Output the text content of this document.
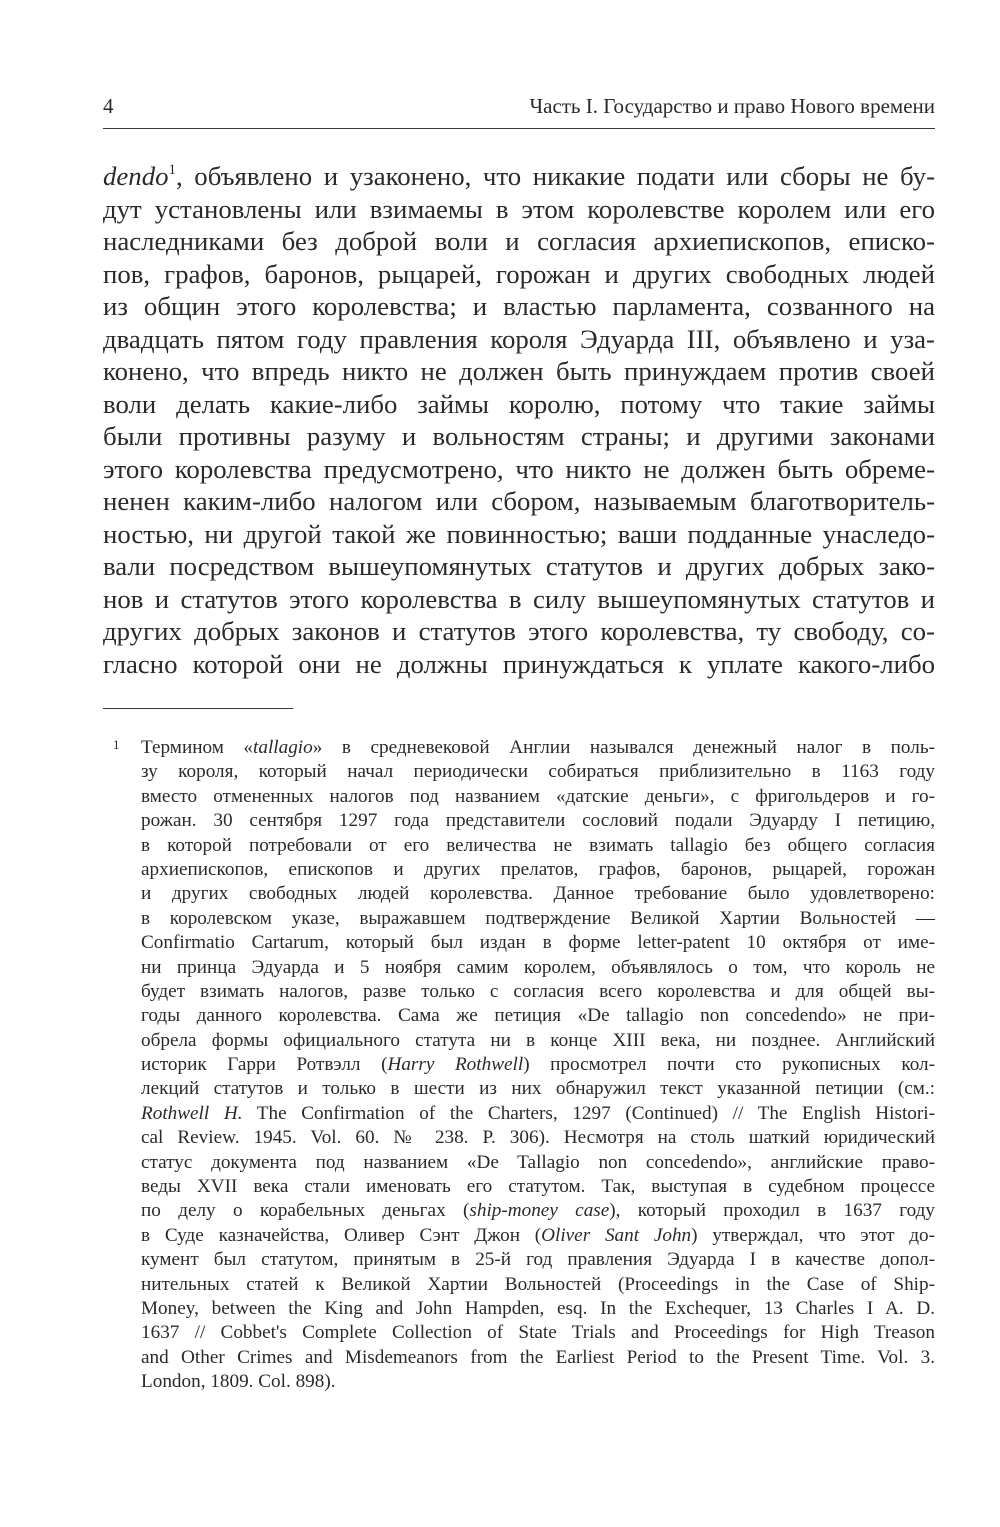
4	Часть I. Государство и право Нового времени
dendo$^1$, объявлено и узаконено, что никакие подати или сборы не бу-
дут установлены или взимаемы в этом королевстве королем или его
наследниками без доброй воли и согласия архиепископов, еписко-
пов, графов, баронов, рыцарей, горожан и других свободных людей
из общин этого королевства; и властью парламента, созванного на
двадцать пятом году правления короля Эдуарда III, объявлено и уза-
конено, что впредь никто не должен быть принуждаем против своей
воли делать какие-либо займы королю, потому что такие займы
были противны разуму и вольностям страны; и другими законами
этого королевства предусмотрено, что никто не должен быть обреме-
ненен каким-либо налогом или сбором, называемым благотворитель-
ностью, ни другой такой же повинностью; ваши подданные унаследо-
вали посредством вышеупомянутых статутов и других добрых зако-
нов и статутов этого королевства в силу вышеупомянутых статутов и
других добрых законов и статутов этого королевства, ту свободу, со-
гласно которой они не должны принуждаться к уплате какого-либо
1 Термином «tallagio» в средневековой Англии назывался денежный налог в поль-
зу короля, который начал периодически собираться приблизительно в 1163 году
вместо отмененных налогов под названием «датские деньги», с фригольдеров и го-
рожан. 30 сентября 1297 года представители сословий подали Эдуарду I петицию,
в которой потребовали от его величества не взимать tallagio без общего согласия
архиепископов, епископов и других прелатов, графов, баронов, рыцарей, горожан
и других свободных людей королевства. Данное требование было удовлетворено:
в королевском указе, выражавшем подтверждение Великой Хартии Вольностей —
Confirmatio Cartarum, который был издан в форме letter-patent 10 октября от име-
ни принца Эдуарда и 5 ноября самим королем, объявлялось о том, что король не
будет взимать налогов, разве только с согласия всего королевства и для общей вы-
годы данного королевства. Сама же петиция «De tallagio non concedendo» не при-
обрела формы официального статута ни в конце XIII века, ни позднее. Английский
историк Гарри Ротвэлл (Harry Rothwell) просмотрел почти сто рукописных кол-
лекций статутов и только в шести из них обнаружил текст указанной петиции (см.:
Rothwell H. The Confirmation of the Charters, 1297 (Continued) // The English Histori-
cal Review. 1945. Vol. 60. № 238. P. 306). Несмотря на столь шаткий юридический
статус документа под названием «De Tallagio non concedendo», английские право-
веды XVII века стали именовать его статутом. Так, выступая в судебном процессе
по делу о корабельных деньгах (ship-money case), который проходил в 1637 году
в Суде казначейства, Оливер Сэнт Джон (Oliver Sant John) утверждал, что этот до-
кумент был статутом, принятым в 25-й год правления Эдуарда I в качестве допол-
нительных статей к Великой Хартии Вольностей (Proceedings in the Case of Ship-
Money, between the King and John Hampden, esq. In the Exchequer, 13 Charles I A. D.
1637 // Cobbet's Complete Collection of State Trials and Proceedings for High Treason
and Other Crimes and Misdemeanors from the Earliest Period to the Present Time. Vol. 3.
London, 1809. Col. 898).
